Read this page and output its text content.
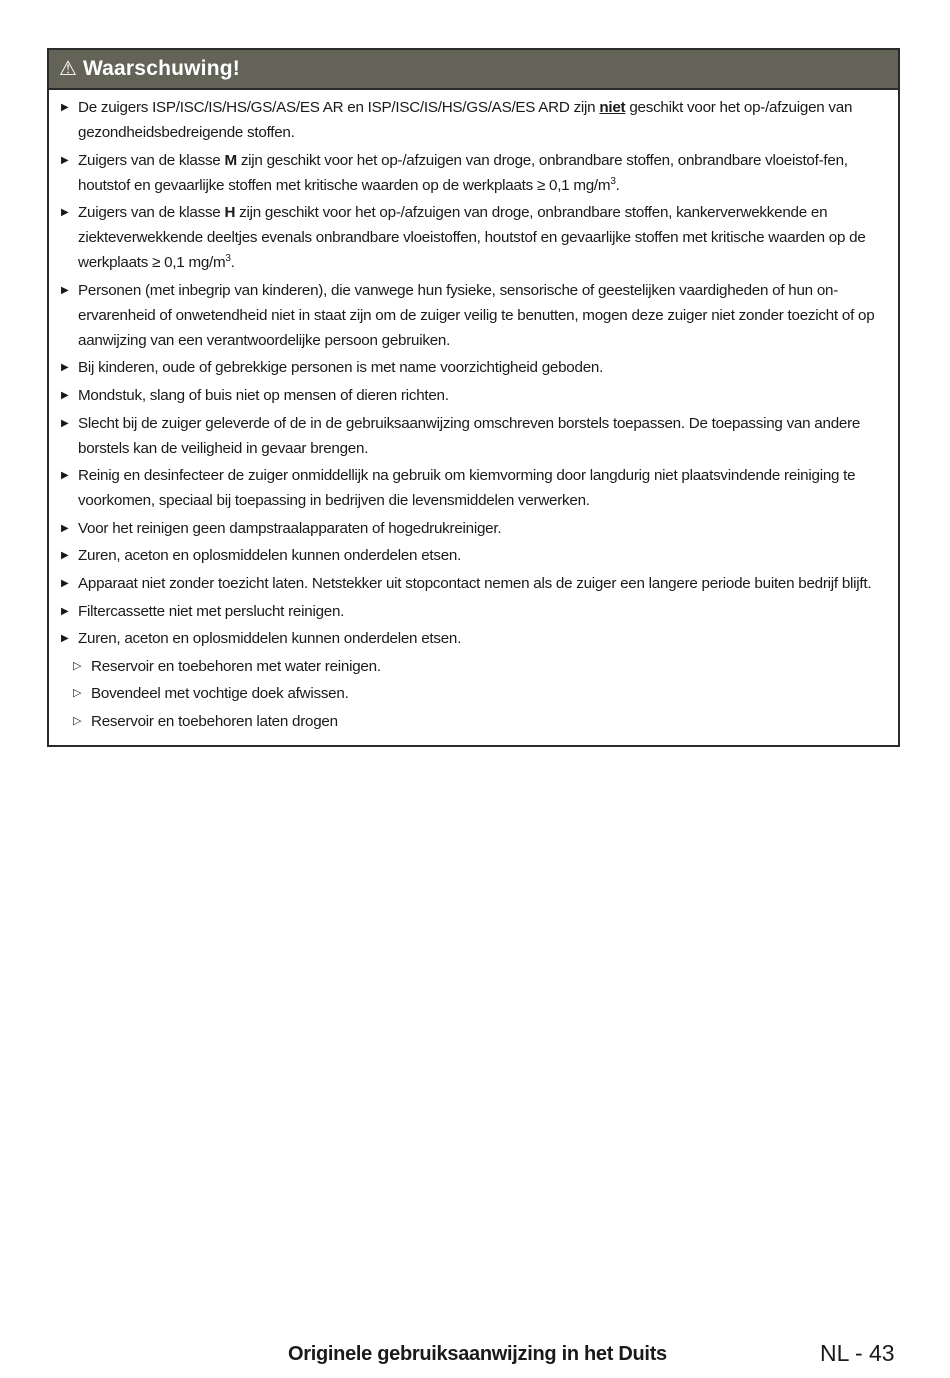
⚠ Waarschuwing!
▶ De zuigers ISP/ISC/IS/HS/GS/AS/ES AR en ISP/ISC/IS/HS/GS/AS/ES ARD zijn niet geschikt voor het op-/afzuigen van gezondheidsbedreigende stoffen.
▶ Zuigers van de klasse M zijn geschikt voor het op-/afzuigen van droge, onbrandbare stoffen, onbrandbare vloeistof-fen, houtstof en gevaarlijke stoffen met kritische waarden op de werkplaats ≥ 0,1 $mg/m^3$.
▶ Zuigers van de klasse H zijn geschikt voor het op-/afzuigen van droge, onbrandbare stoffen, kankerverwekkende en ziekteverwekkende deeltjes evenals onbrandbare vloeistoffen, houtstof en gevaarlijke stoffen met kritische waarden op de werkplaats ≥ 0,1 $mg/m^3$.
▶ Personen (met inbegrip van kinderen), die vanwege hun fysieke, sensorische of geestelijken vaardigheden of hun on-ervarenheid of onwetendheid niet in staat zijn om de zuiger veilig te benutten, mogen deze zuiger niet zonder toezicht of op aanwijzing van een verantwoordelijke persoon gebruiken.
▶ Bij kinderen, oude of gebrekkige personen is met name voorzichtigheid geboden.
▶ Mondstuk, slang of buis niet op mensen of dieren richten.
▶ Slecht bij de zuiger geleverde of de in de gebruiksaanwijzing omschreven borstels toepassen. De toepassing van andere borstels kan de veiligheid in gevaar brengen.
▶ Reinig en desinfecteer de zuiger onmiddellijk na gebruik om kiemvorming door langdurig niet plaatsvindende reiniging te voorkomen, speciaal bij toepassing in bedrijven die levensmiddelen verwerken.
▶ Voor het reinigen geen dampstraalapparaten of hogedrukreiniger.
▶ Zuren, aceton en oplosmiddelen kunnen onderdelen etsen.
▶ Apparaat niet zonder toezicht laten. Netstekker uit stopcontact nemen als de zuiger een langere periode buiten bedrijf blijft.
▶ Filtercassette niet met perslucht reinigen.
▶ Zuren, aceton en oplosmiddelen kunnen onderdelen etsen.
▷ Reservoir en toebehoren met water reinigen.
▷ Bovendeel met vochtige doek afwissen.
▷ Reservoir en toebehoren laten drogen
Originele gebruiksaanwijzing in het Duits	NL - 43
